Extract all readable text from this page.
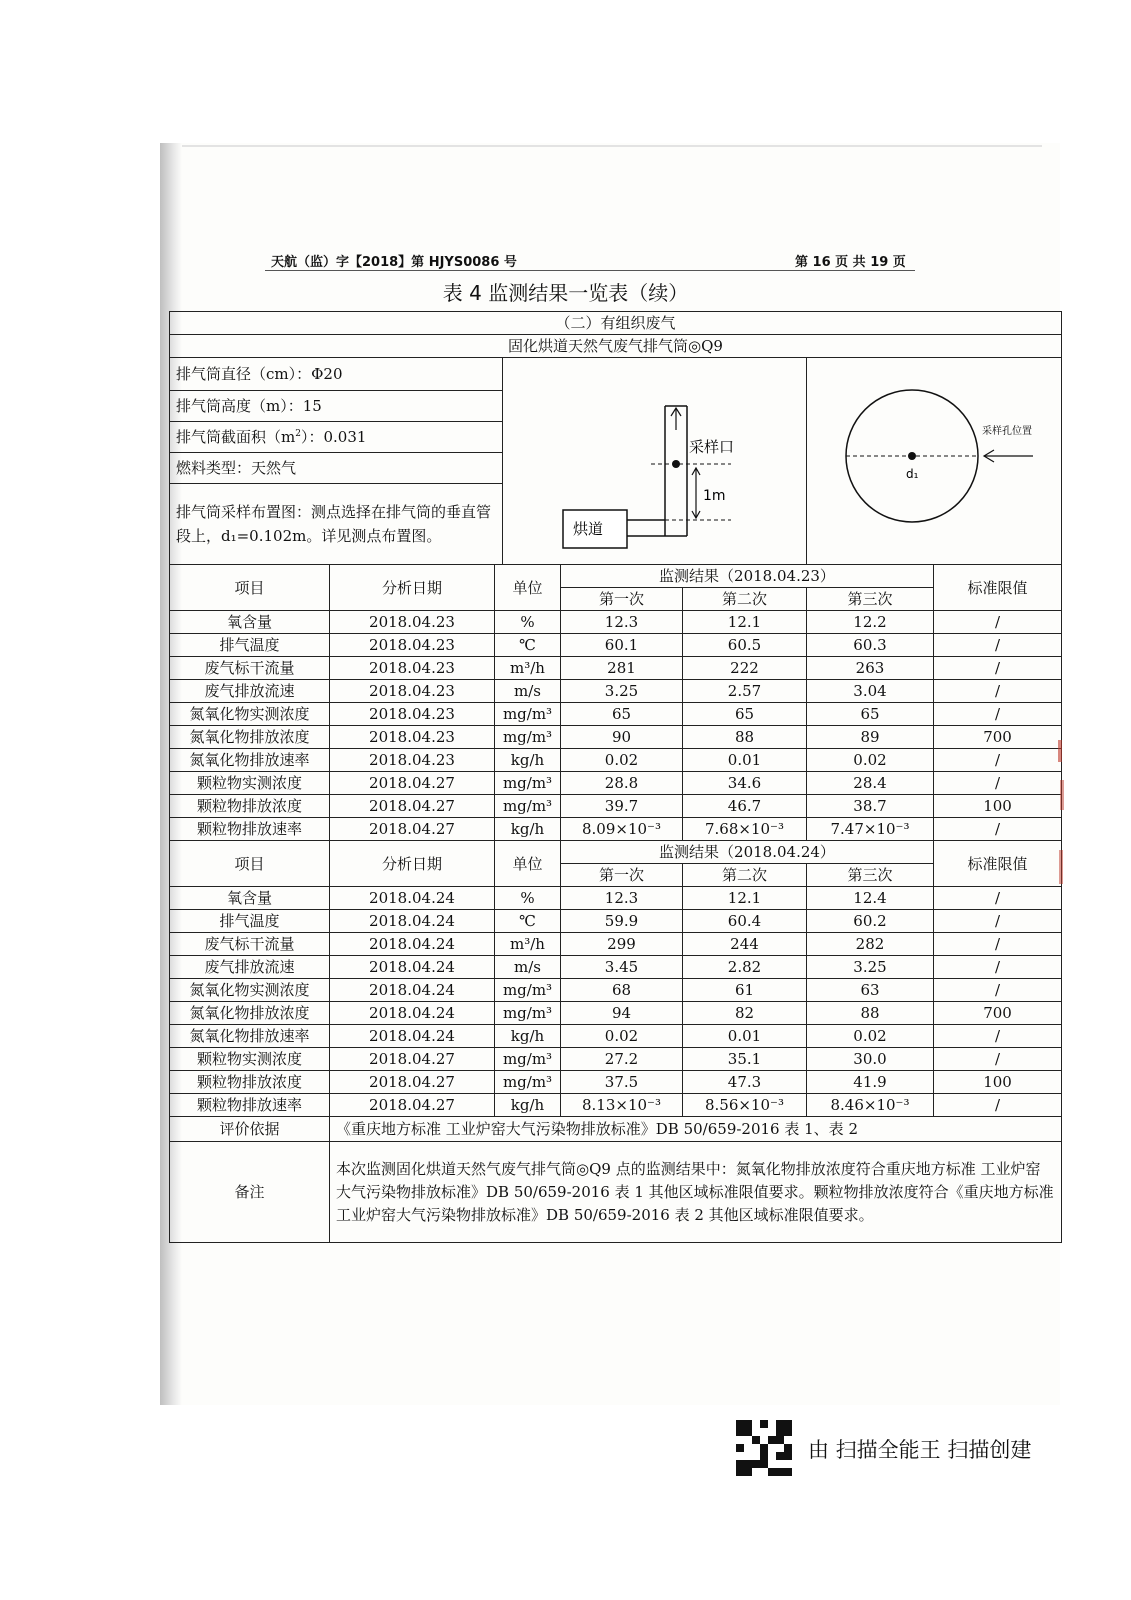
天航（监）字【2018】第 HJYS0086 号	第 16 页 共 19 页
表 4 监测结果一览表（续）
（二）有组织废气							
固化烘道天然气废气排气筒◎Q9							
排气筒直径（cm）：Φ20			烘道
采样口
1m			d₁
采样孔位置	

排气筒高度（m）：15							
排气筒截面积$(m^2)$：0.031							
燃料类型：天然气							
排气筒采样布置图：测点选择在排气筒的垂直管段上，d₁=0.102m。详见测点布置图。							
项目	分析日期	单位		监测结果（2018.04.23）			标准限值
				第一次	第二次	第三次	
氧含量	2018.04.23	%		12.3	12.1	12.2	/
排气温度	2018.04.23	℃		60.1	60.5	60.3	/
废气标干流量	2018.04.23	m³/h		281	222	263	/
废气排放流速	2018.04.23	m/s		3.25	2.57	3.04	/
氮氧化物实测浓度	2018.04.23	mg/m³		65	65	65	/
氮氧化物排放浓度	2018.04.23	mg/m³		90	88	89	700
氮氧化物排放速率	2018.04.23	kg/h		0.02	0.01	0.02	/
颗粒物实测浓度	2018.04.27	mg/m³		28.8	34.6	28.4	/
颗粒物排放浓度	2018.04.27	mg/m³		39.7	46.7	38.7	100
颗粒物排放速率	2018.04.27	kg/h		8.09×10⁻³	7.68×10⁻³	7.47×10⁻³	/
项目	分析日期	单位		监测结果（2018.04.24）			标准限值
				第一次	第二次	第三次	
氧含量	2018.04.24	%		12.3	12.1	12.4	/
排气温度	2018.04.24	℃		59.9	60.4	60.2	/
废气标干流量	2018.04.24	m³/h		299	244	282	/
废气排放流速	2018.04.24	m/s		3.45	2.82	3.25	/
氮氧化物实测浓度	2018.04.24	mg/m³		68	61	63	/
氮氧化物排放浓度	2018.04.24	mg/m³		94	82	88	700
氮氧化物排放速率	2018.04.24	kg/h		0.02	0.01	0.02	/
颗粒物实测浓度	2018.04.27	mg/m³		27.2	35.1	30.0	/
颗粒物排放浓度	2018.04.27	mg/m³		37.5	47.3	41.9	100
颗粒物排放速率	2018.04.27	kg/h		8.13×10⁻³	8.56×10⁻³	8.46×10⁻³	/
评价依据	《重庆地方标准 工业炉窑大气污染物排放标准》DB 50/659-2016 表 1、表 2						
备注	本次监测固化烘道天然气废气排气筒◎Q9 点的监测结果中：氮氧化物排放浓度符合重庆地方标准 工业炉窑大气污染物排放标准》DB 50/659-2016 表 1 其他区域标准限值要求。颗粒物排放浓度符合《重庆地方标准 工业炉窑大气污染物排放标准》DB 50/659-2016 表 2 其他区域标准限值要求。						
由 扫描全能王 扫描创建
